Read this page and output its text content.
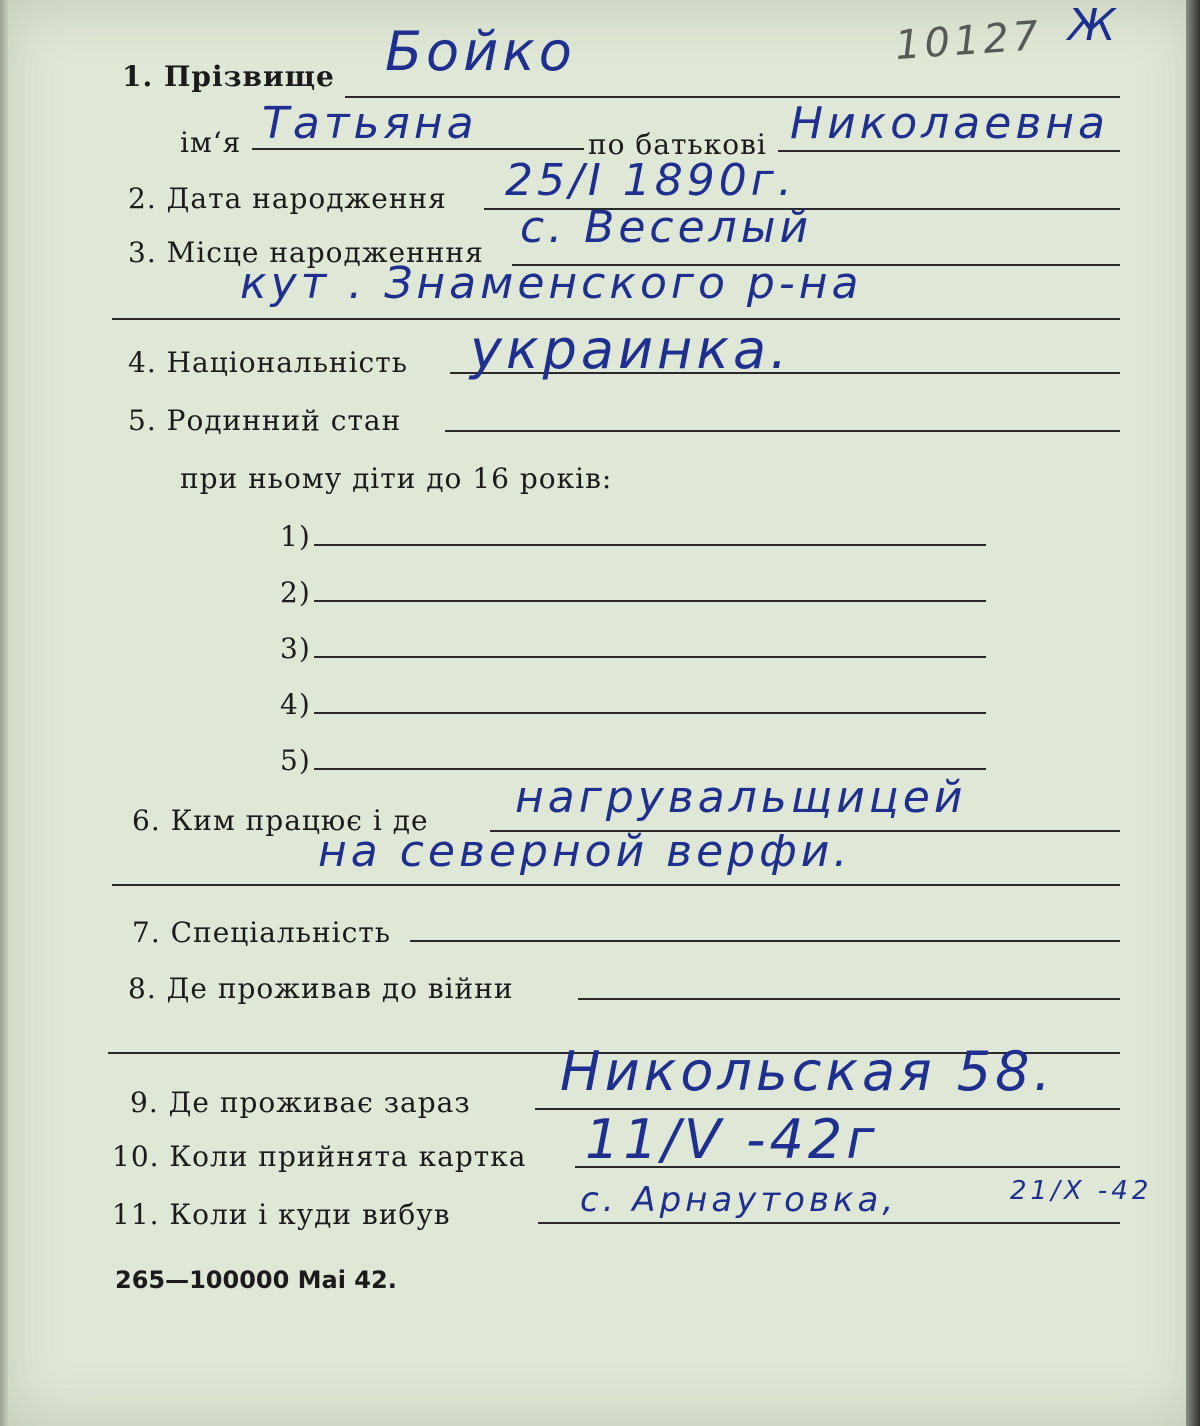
10127 Ж
1. Прізвище Бойко
ім‘я Татьяна	по батькові Николаевна
2. Дата народження 25/I 1890г.
3. Місце народженння с. Веселый
кут . Знаменского р-на
4. Національність украинка.
5. Родинний стан
при ньому діти до 16 років:
1)
2)
3)
4)
5)
6. Ким працює і де нагрувальщицей
на северной верфи.
7. Спеціальність
8. Де проживав до війни
9. Де проживає зараз Никольская 58.
10. Коли прийнята картка 11/V -42г
11. Коли і куди вибув	с. Арнаутовка,	21/X -42
265—100000 Mai 42.
